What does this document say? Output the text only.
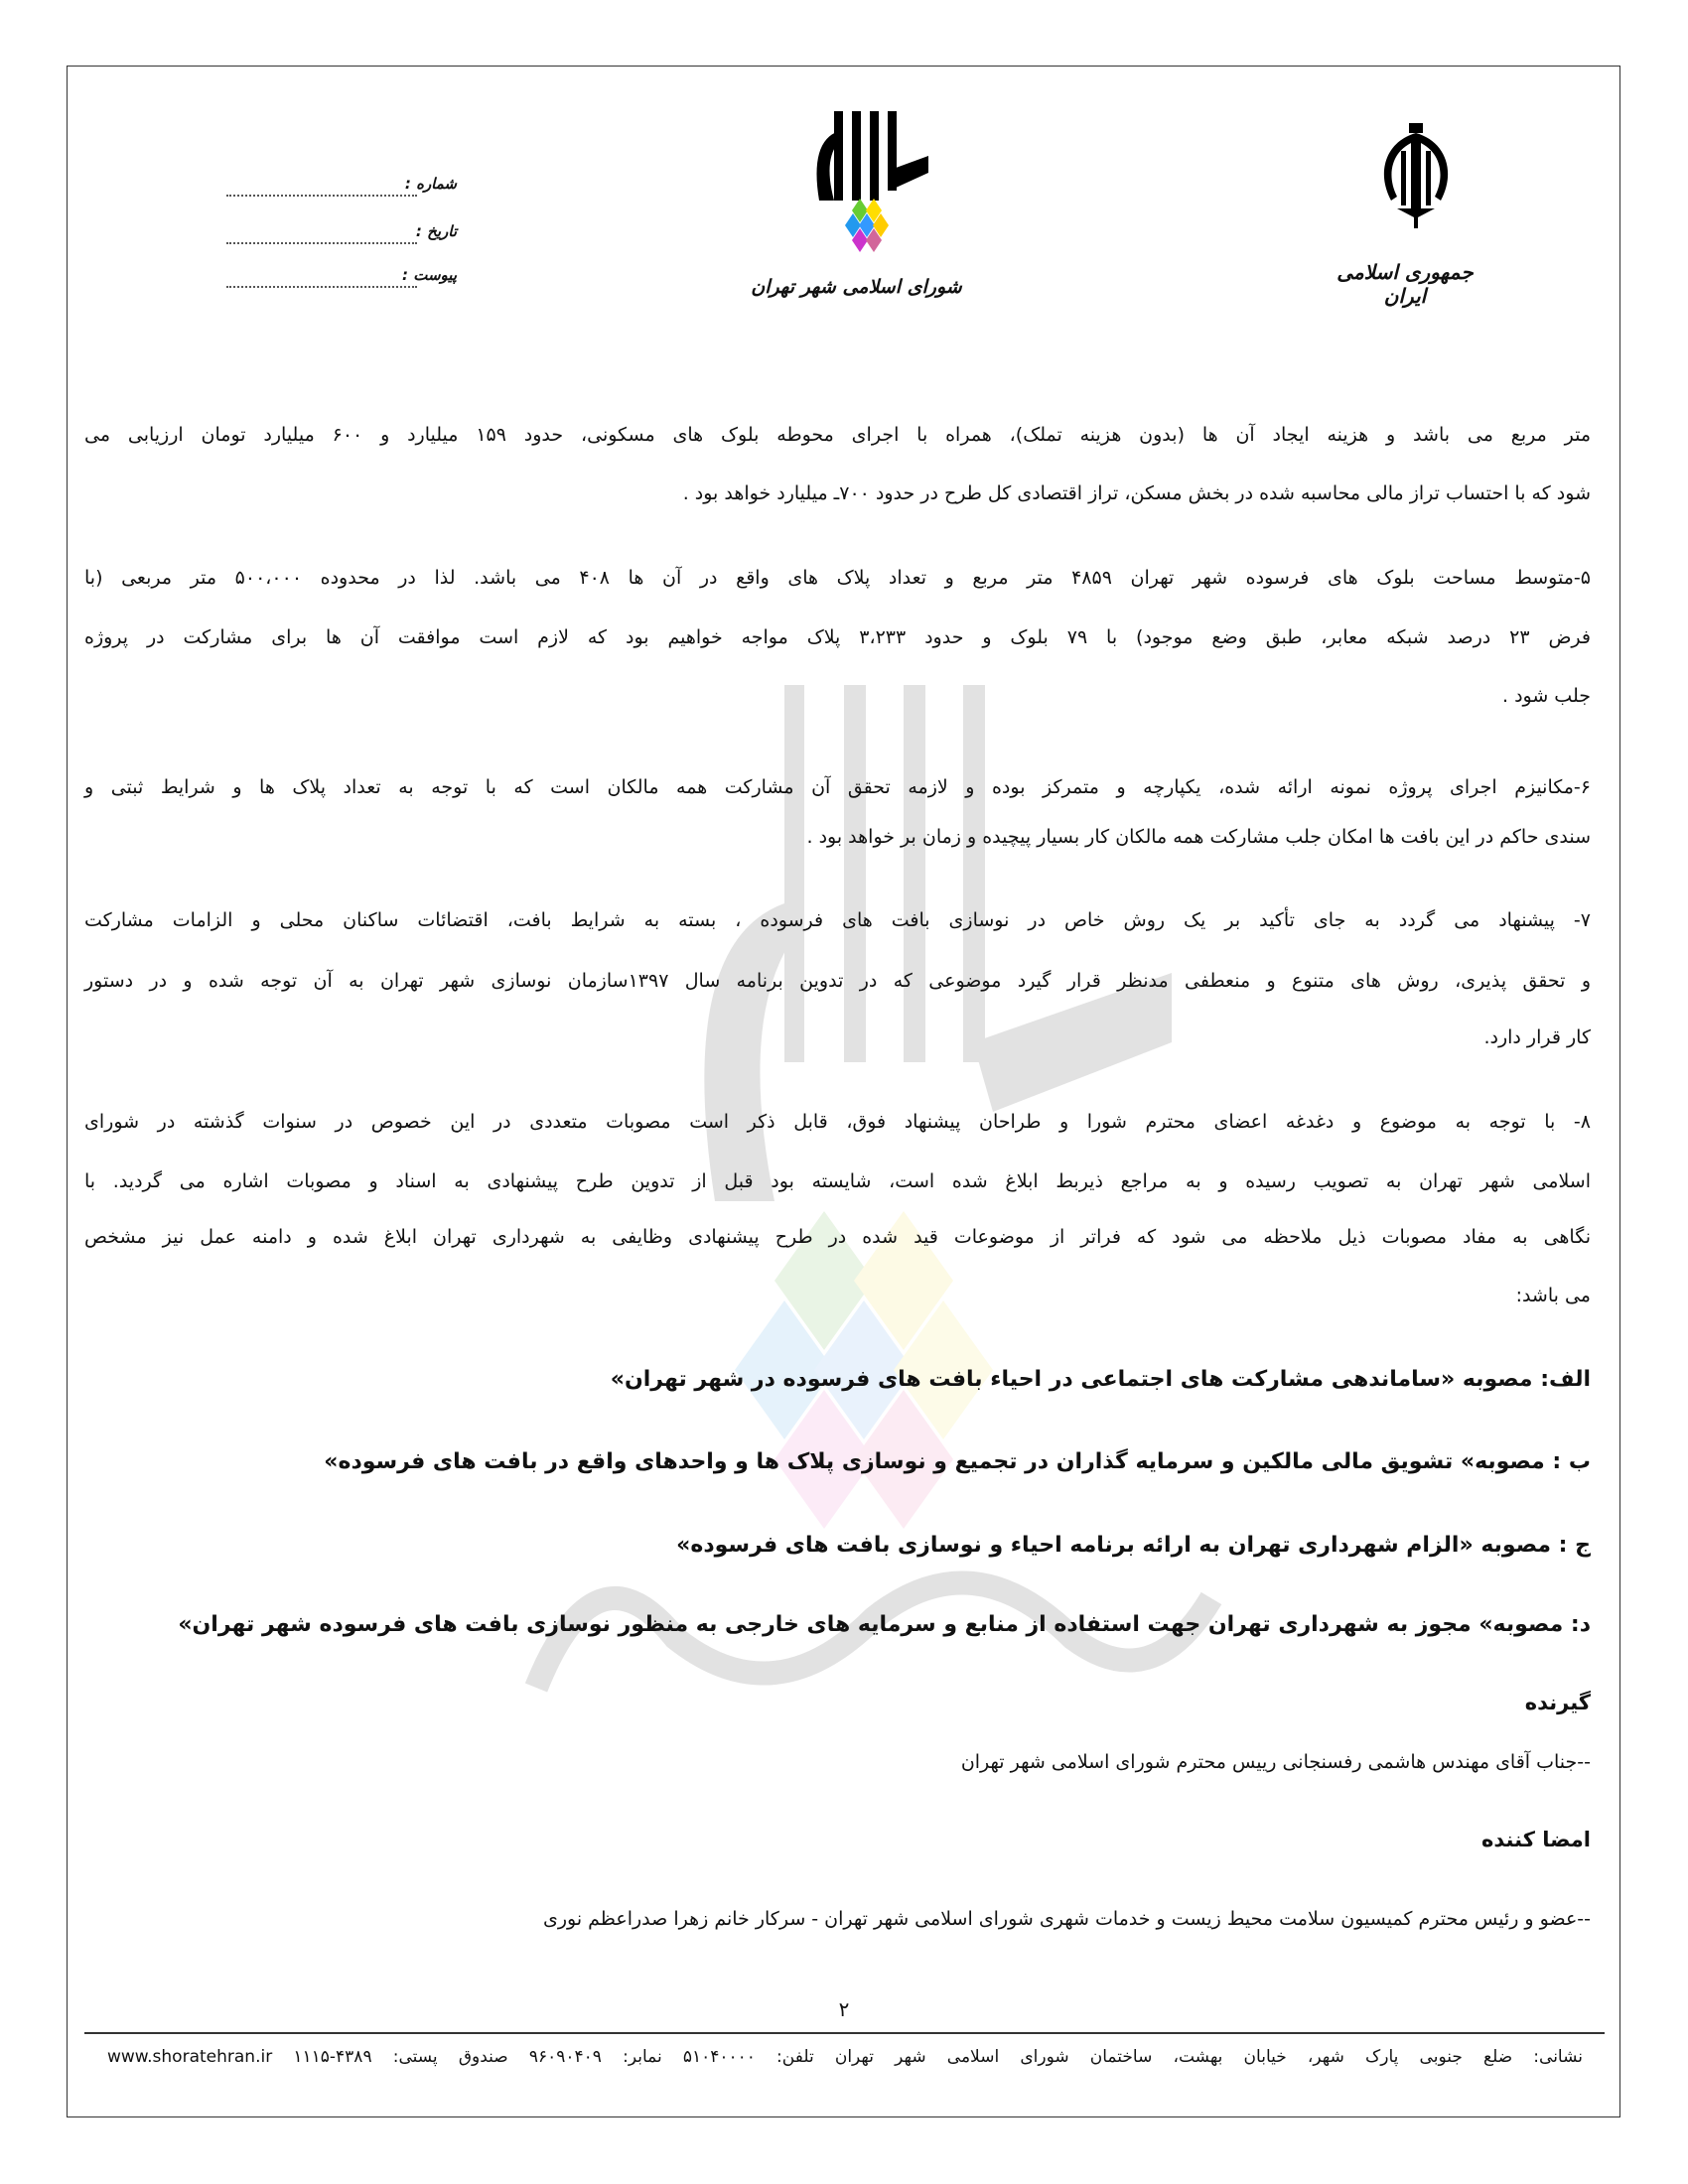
جمهوری اسلامی ایران
شورای اسلامی شهر تهران
شماره :
تاریخ :
پیوست :
متر مربع می باشد و هزینه ایجاد آن ها (بدون هزینه تملک)، همراه با اجرای محوطه بلوک های مسکونی، حدود ۱۵۹ میلیارد و ۶۰۰ میلیارد تومان ارزیابی می
شود که با احتساب تراز مالی محاسبه شده در بخش مسکن، تراز اقتصادی کل طرح در حدود ۷۰۰ـ میلیارد خواهد بود .
۵-متوسط مساحت بلوک های فرسوده شهر تهران ۴۸۵۹ متر مربع و تعداد پلاک های واقع در آن ها ۴۰۸ می باشد. لذا در محدوده ۵۰۰،۰۰۰ متر مربعی (با
فرض ۲۳ درصد شبکه معابر، طبق وضع موجود) با ۷۹ بلوک و حدود ۳،۲۳۳ پلاک مواجه خواهیم بود که لازم است موافقت آن ها برای مشارکت در پروژه
جلب شود .
۶-مکانیزم اجرای پروژه نمونه ارائه شده، یکپارچه و متمرکز بوده و لازمه تحقق آن مشارکت همه مالکان است که با توجه به تعداد پلاک ها و شرایط ثبتی و
سندی حاکم در این بافت ها امکان جلب مشارکت همه مالکان کار بسیار پیچیده و زمان بر خواهد بود .
۷- پیشنهاد می گردد به جای تأکید بر یک روش خاص در نوسازی بافت های فرسوده ، بسته به شرایط بافت، اقتضائات ساکنان محلی و الزامات مشارکت
و تحقق پذیری، روش های متنوع و منعطفی مدنظر قرار گیرد موضوعی که در تدوین برنامه سال ۱۳۹۷سازمان نوسازی شهر تهران به آن توجه شده و در دستور
کار قرار دارد.
۸- با توجه به موضوع و دغدغه اعضای محترم شورا و طراحان پیشنهاد فوق، قابل ذکر است مصوبات متعددی در این خصوص در سنوات گذشته در شورای
اسلامی شهر تهران به تصویب رسیده و به مراجع ذیربط ابلاغ شده است، شایسته بود قبل از تدوین طرح پیشنهادی به اسناد و مصوبات اشاره می گردید. با
نگاهی به مفاد مصوبات ذیل ملاحظه می شود که فراتر از موضوعات قید شده در طرح پیشنهادی وظایفی به شهرداری تهران ابلاغ شده و دامنه عمل نیز مشخص
می باشد:
الف: مصوبه «ساماندهی مشارکت های اجتماعی در احیاء بافت های فرسوده در شهر تهران»
ب : مصوبه» تشویق مالی مالکین و سرمایه گذاران در تجمیع و نوسازی پلاک ها و واحدهای واقع در بافت های فرسوده»
ج : مصوبه «الزام شهرداری تهران به ارائه برنامه احیاء و نوسازی بافت های فرسوده»
د: مصوبه» مجوز به شهرداری تهران جهت استفاده از منابع و سرمایه های خارجی به منظور نوسازی بافت های فرسوده شهر تهران»
گیرنده
--جناب آقای مهندس هاشمی رفسنجانی رییس محترم شورای اسلامی شهر تهران
امضا کننده
--عضو و رئیس محترم کمیسیون سلامت محیط زیست و خدمات شهری شورای اسلامی شهر تهران - سرکار خانم زهرا صدراعظم نوری
۲
نشانی: ضلع جنوبی پارک شهر، خیابان بهشت، ساختمان شورای اسلامی شهر تهران تلفن: ۵۱۰۴۰۰۰۰ نمابر: ۹۶۰۹۰۴۰۹ صندوق پستی: ۴۳۸۹-۱۱۱۵ www.shoratehran.ir
